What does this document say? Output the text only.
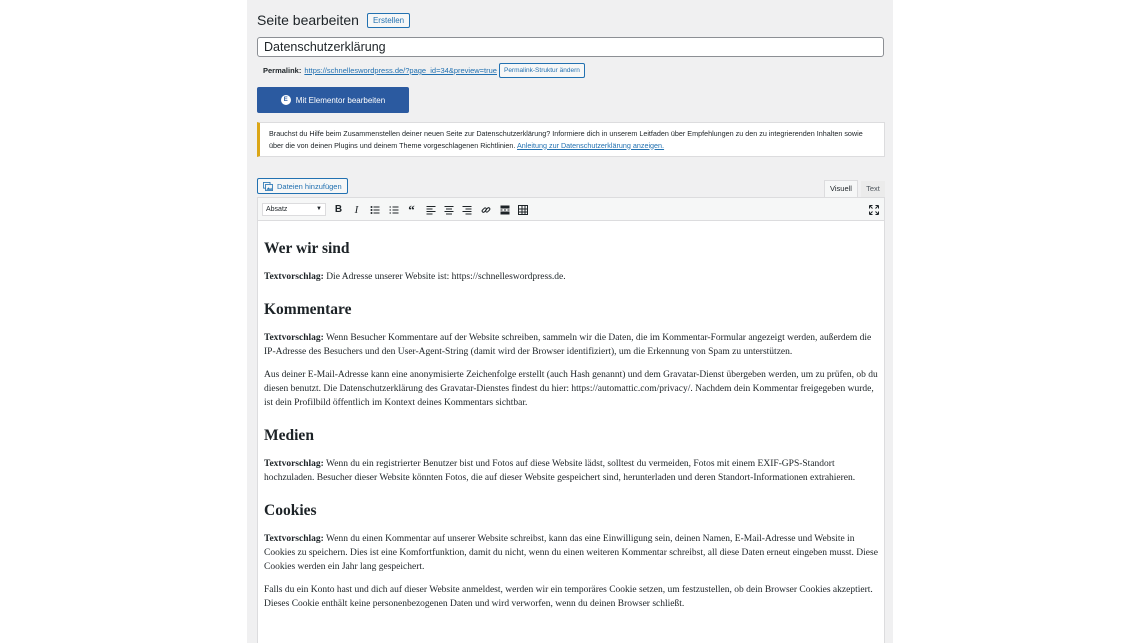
Seite bearbeiten	Erstellen
Datenschutzerklärung
Permalink: https://schnelleswordpress.de/?page_id=34&preview=true	Permalink-Struktur ändern
E	Mit Elementor bearbeiten
Brauchst du Hilfe beim Zusammenstellen deiner neuen Seite zur Datenschutzerklärung? Informiere dich in unserem Leitfaden über Empfehlungen zu den zu integrierenden Inhalten sowie über die von deinen Plugins und deinem Theme vorgeschlagenen Richtlinien. Anleitung zur Datenschutzerklärung anzeigen.
Dateien hinzufügen	Visuell	Text
Absatz	▼ B	I	“
Wer wir sind

Textvorschlag: Die Adresse unserer Website ist: https://schnelleswordpress.de.

Kommentare

Textvorschlag: Wenn Besucher Kommentare auf der Website schreiben, sammeln wir die Daten, die im Kommentar-Formular angezeigt werden, außerdem die IP-Adresse des Besuchers und den User-Agent-String (damit wird der Browser identifiziert), um die Erkennung von Spam zu unterstützen.

Aus deiner E-Mail-Adresse kann eine anonymisierte Zeichenfolge erstellt (auch Hash genannt) und dem Gravatar-Dienst übergeben werden, um zu prüfen, ob du diesen benutzt. Die Datenschutzerklärung des Gravatar-Dienstes findest du hier: https://automattic.com/privacy/. Nachdem dein Kommentar freigegeben wurde, ist dein Profilbild öffentlich im Kontext deines Kommentars sichtbar.

Medien

Textvorschlag: Wenn du ein registrierter Benutzer bist und Fotos auf diese Website lädst, solltest du vermeiden, Fotos mit einem EXIF-GPS-Standort hochzuladen. Besucher dieser Website könnten Fotos, die auf dieser Website gespeichert sind, herunterladen und deren Standort-Informationen extrahieren.

Cookies

Textvorschlag: Wenn du einen Kommentar auf unserer Website schreibst, kann das eine Einwilligung sein, deinen Namen, E-Mail-Adresse und Website in Cookies zu speichern. Dies ist eine Komfortfunktion, damit du nicht, wenn du einen weiteren Kommentar schreibst, all diese Daten erneut eingeben musst. Diese Cookies werden ein Jahr lang gespeichert.

Falls du ein Konto hast und dich auf dieser Website anmeldest, werden wir ein temporäres Cookie setzen, um festzustellen, ob dein Browser Cookies akzeptiert. Dieses Cookie enthält keine personenbezogenen Daten und wird verworfen, wenn du deinen Browser schließt.
